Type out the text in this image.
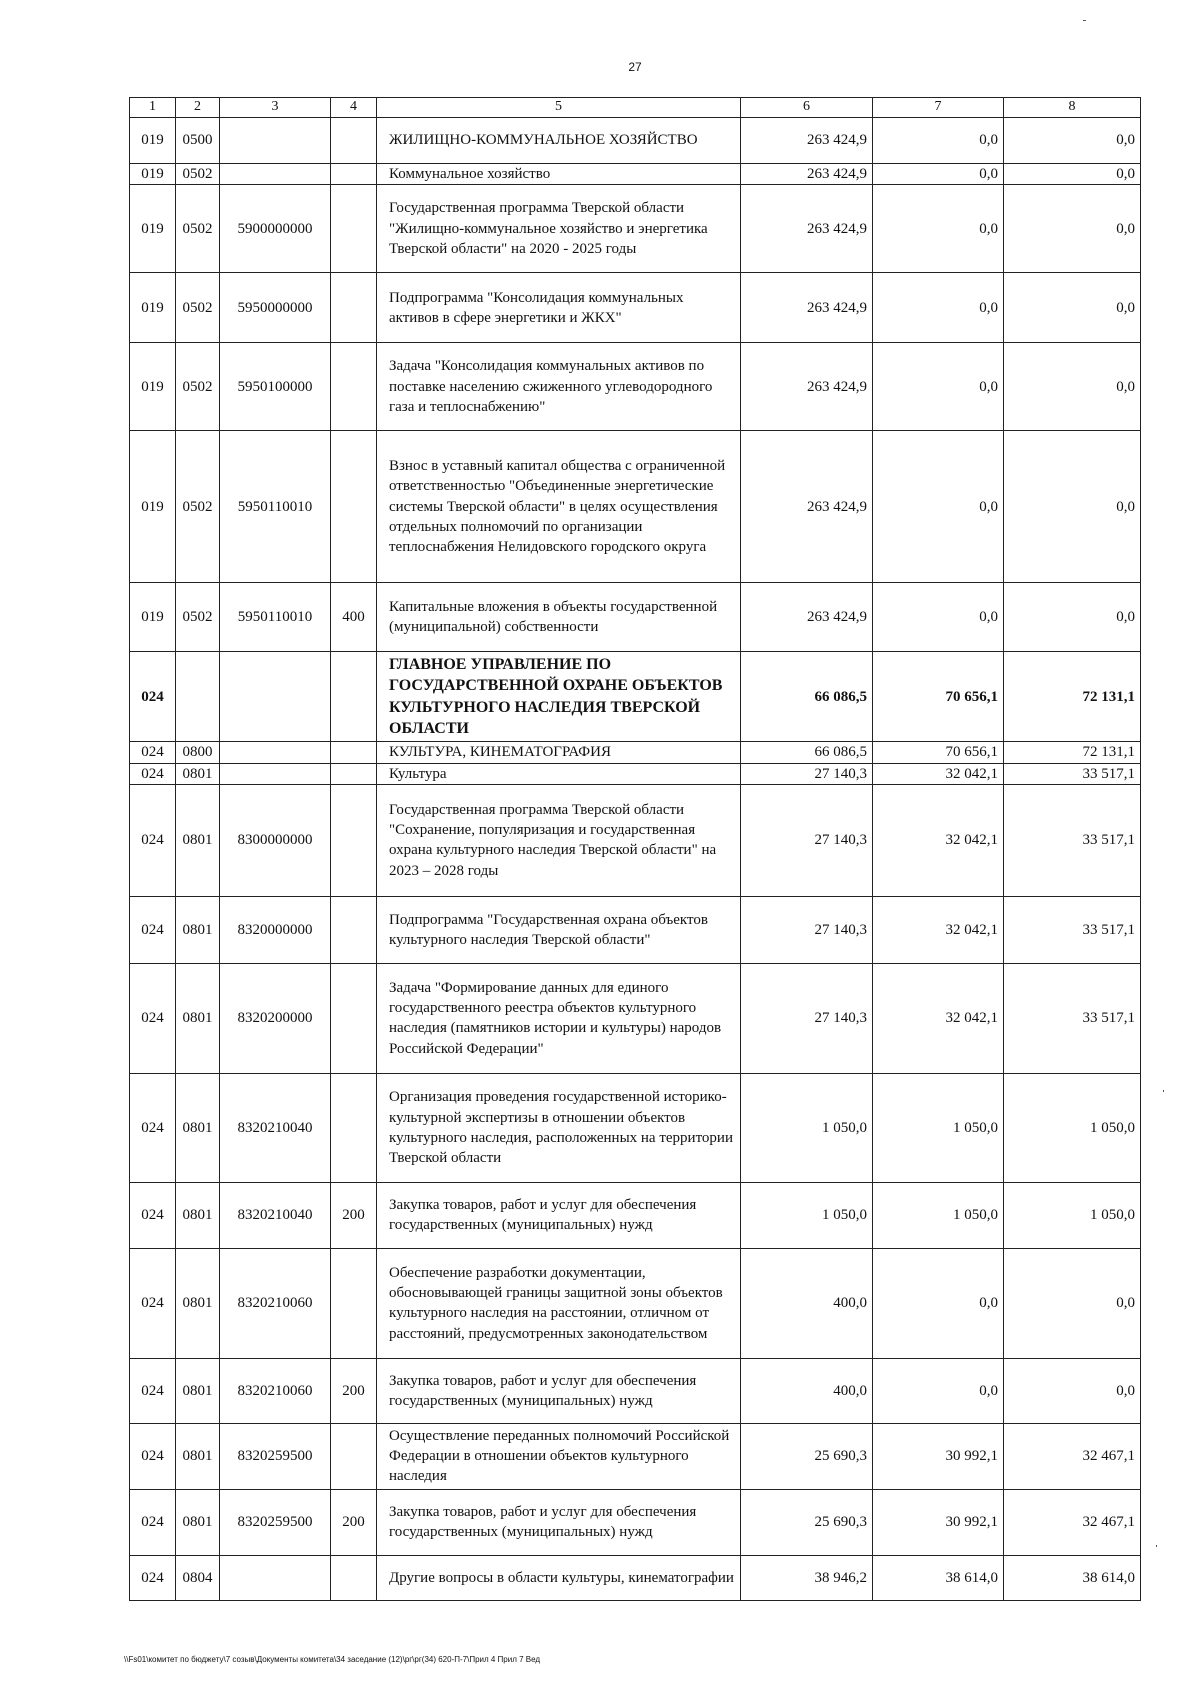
27
1	2	3	4	5	6	7	8
019	0500			ЖИЛИЩНО-КОММУНАЛЬНОЕ ХОЗЯЙСТВО	263 424,9	0,0	0,0
019	0502			Коммунальное хозяйство	263 424,9	0,0	0,0
019	0502	5900000000		Государственная программа Тверской области "Жилищно-коммунальное хозяйство и энергетика Тверской области" на 2020 - 2025 годы	263 424,9	0,0	0,0
019	0502	5950000000		Подпрограмма "Консолидация коммунальных активов в сфере энергетики и ЖКХ"	263 424,9	0,0	0,0
019	0502	5950100000		Задача "Консолидация коммунальных активов по поставке населению сжиженного углеводородного газа и теплоснабжению"	263 424,9	0,0	0,0
019	0502	5950110010		Взнос в уставный капитал общества с ограниченной ответственностью "Объединенные энергетические системы Тверской области" в целях осуществления отдельных полномочий по организации теплоснабжения Нелидовского городского округа	263 424,9	0,0	0,0
019	0502	5950110010	400	Капитальные вложения в объекты государственной (муниципальной) собственности	263 424,9	0,0	0,0
024				ГЛАВНОЕ УПРАВЛЕНИЕ ПО ГОСУДАРСТВЕННОЙ ОХРАНЕ ОБЪЕКТОВ КУЛЬТУРНОГО НАСЛЕДИЯ ТВЕРСКОЙ ОБЛАСТИ	66 086,5	70 656,1	72 131,1
024	0800			КУЛЬТУРА, КИНЕМАТОГРАФИЯ	66 086,5	70 656,1	72 131,1
024	0801			Культура	27 140,3	32 042,1	33 517,1
024	0801	8300000000		Государственная программа Тверской области "Сохранение, популяризация и государственная охрана культурного наследия Тверской области" на 2023 – 2028 годы	27 140,3	32 042,1	33 517,1
024	0801	8320000000		Подпрограмма "Государственная охрана объектов культурного наследия Тверской области"	27 140,3	32 042,1	33 517,1
024	0801	8320200000		Задача "Формирование данных для единого государственного реестра объектов культурного наследия (памятников истории и культуры) народов Российской Федерации"	27 140,3	32 042,1	33 517,1
024	0801	8320210040		Организация проведения государственной историко-культурной экспертизы в отношении объектов культурного наследия, расположенных на территории Тверской области	1 050,0	1 050,0	1 050,0
024	0801	8320210040	200	Закупка товаров, работ и услуг для обеспечения государственных (муниципальных) нужд	1 050,0	1 050,0	1 050,0
024	0801	8320210060		Обеспечение разработки документации, обосновывающей границы защитной зоны объектов культурного наследия на расстоянии, отличном от расстояний, предусмотренных законодательством	400,0	0,0	0,0
024	0801	8320210060	200	Закупка товаров, работ и услуг для обеспечения государственных (муниципальных) нужд	400,0	0,0	0,0
024	0801	8320259500		Осуществление переданных полномочий Российской Федерации в отношении объектов культурного наследия	25 690,3	30 992,1	32 467,1
024	0801	8320259500	200	Закупка товаров, работ и услуг для обеспечения государственных (муниципальных) нужд	25 690,3	30 992,1	32 467,1
024	0804			Другие вопросы в области культуры, кинематографии	38 946,2	38 614,0	38 614,0
\\Fs01\комитет по бюджету\7 созыв\Документы комитета\34 заседание (12)\рг\рг(34) 620-П-7\Прил 4 Прил 7 Вед
